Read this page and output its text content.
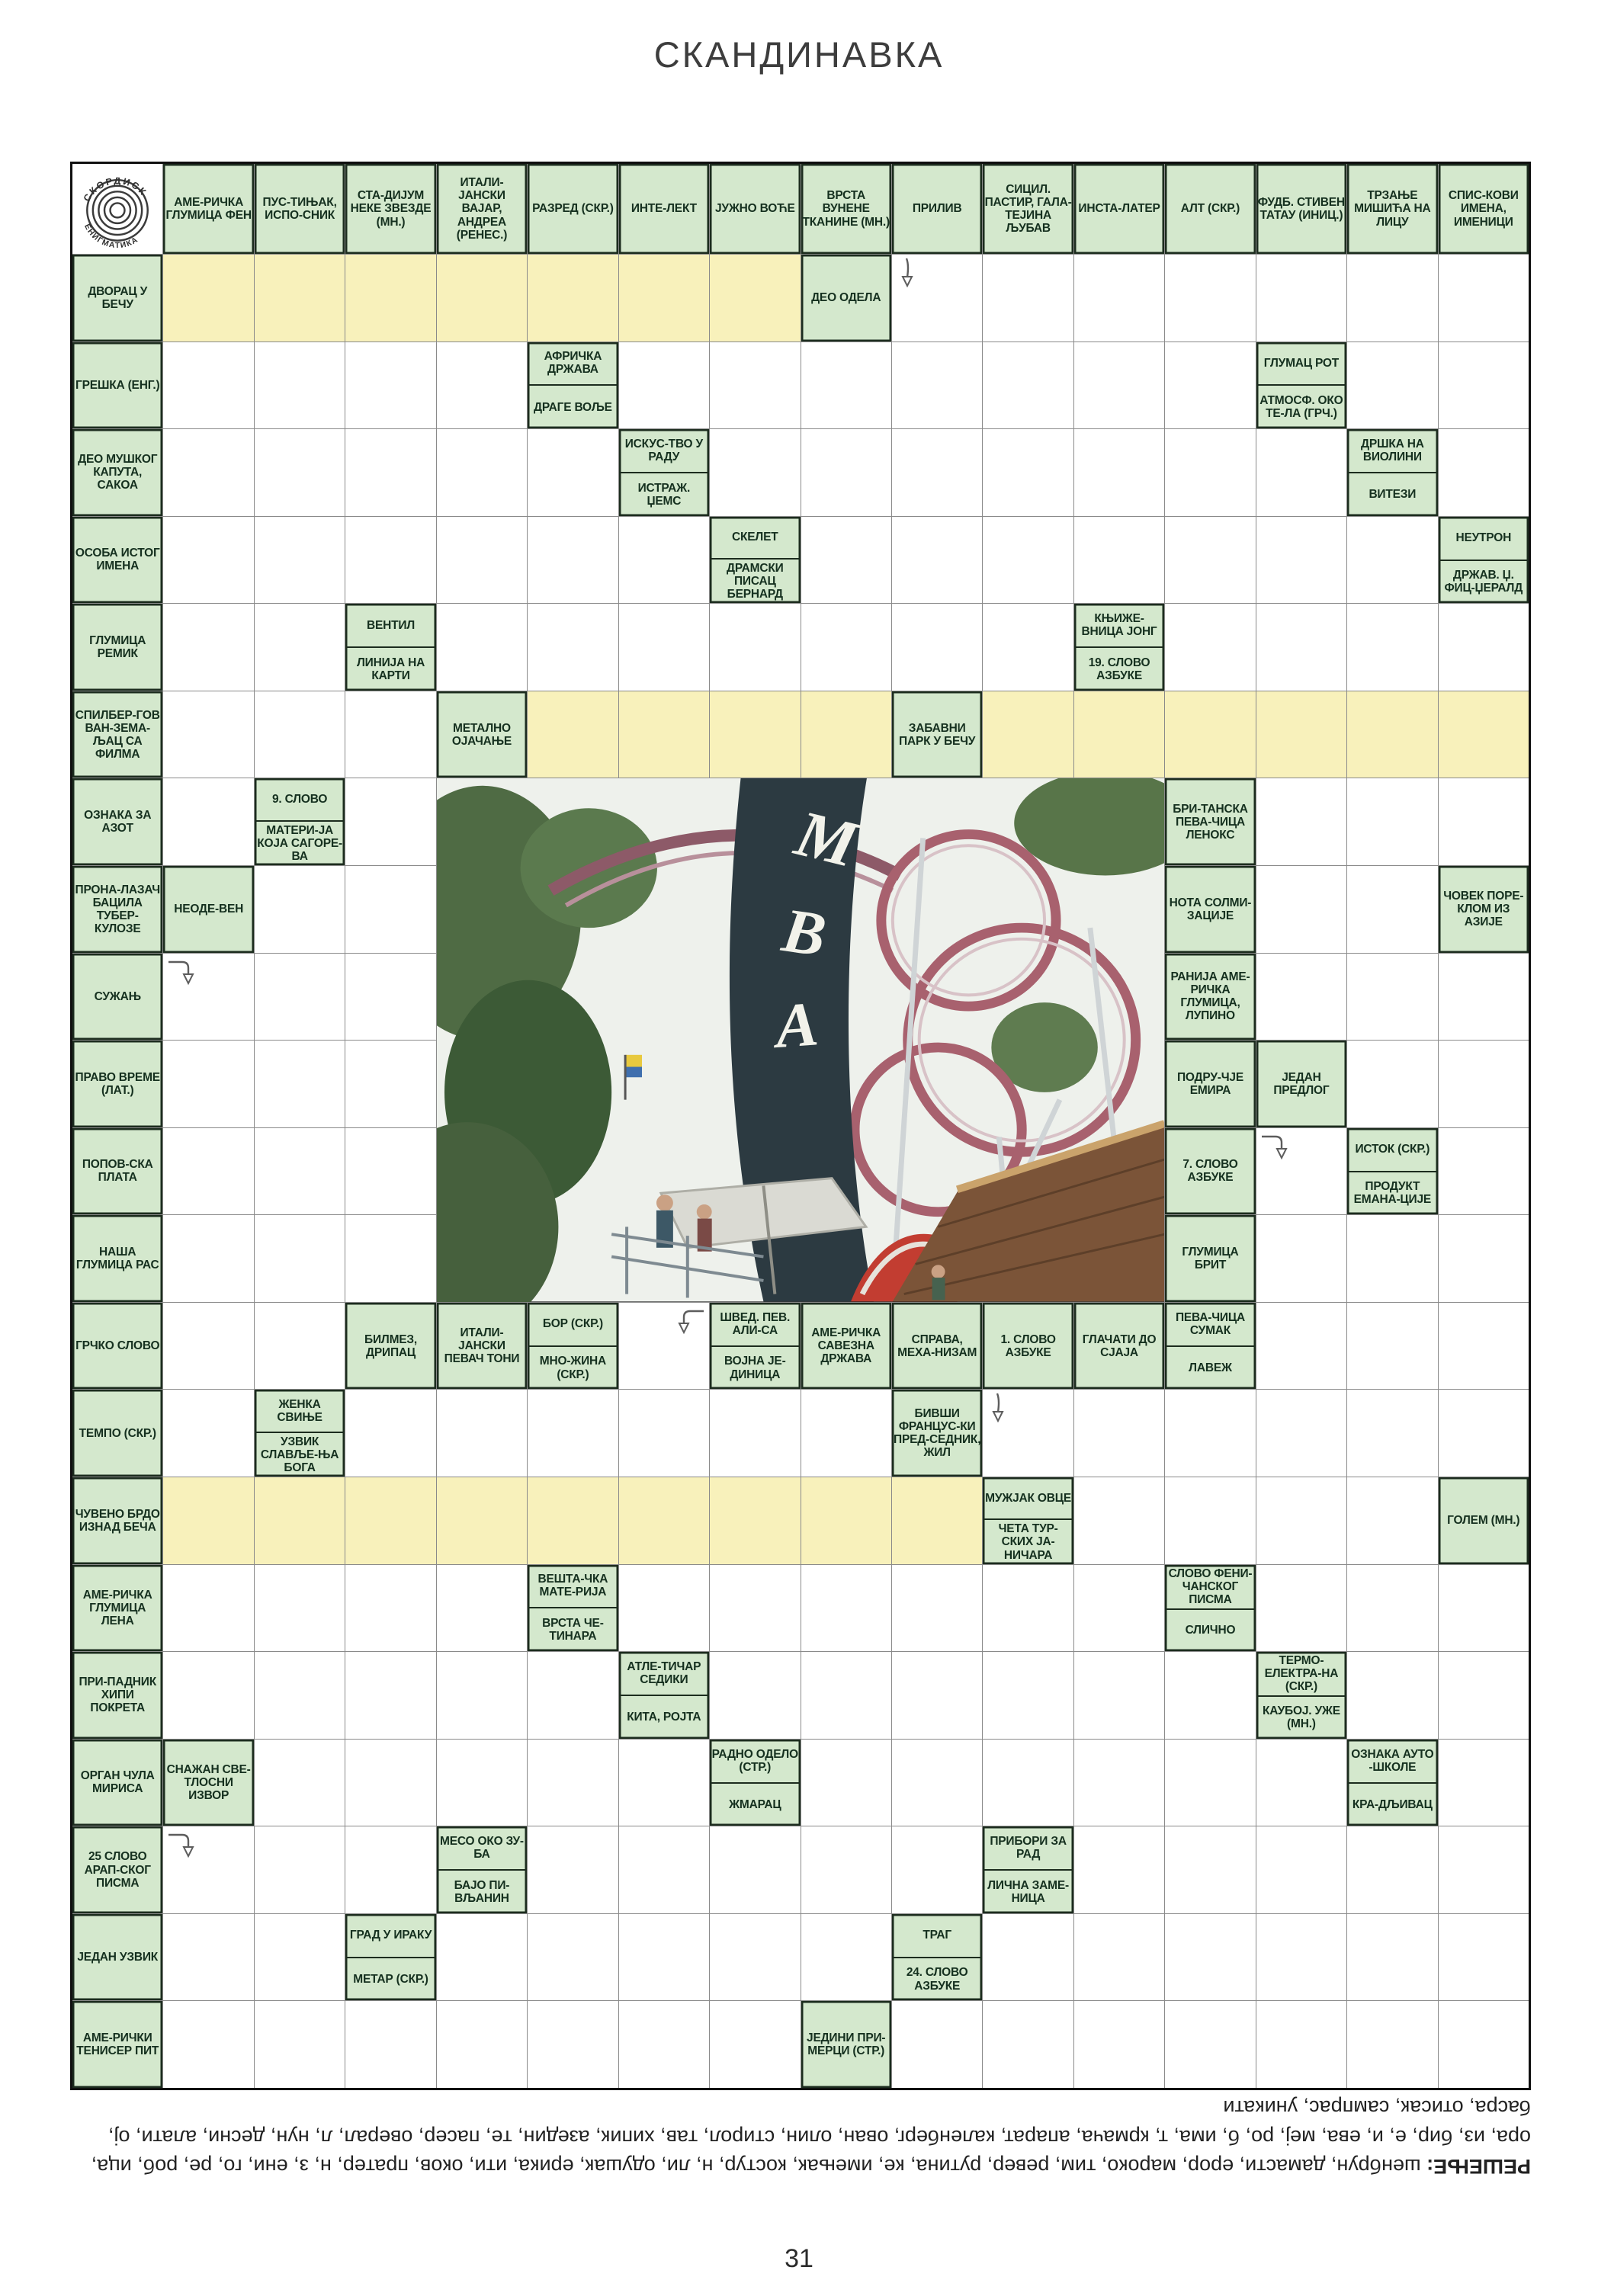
СКАНДИНАВКА
СКОРДИСК
ЕНИГМАТИКА
М
В
А
АМЕ-РИЧКА ГЛУМИЦА ФЕН
ПУС-ТИЊАК, ИСПО-СНИК
СТА-ДИЈУМ НЕКЕ ЗВЕЗДЕ (МН.)
ИТАЛИ-ЈАНСКИ ВАЈАР, АНДРЕА (РЕНЕС.)
РАЗРЕД (СКР.)	ИНТЕ-ЛЕКТ	ЈУЖНО ВОЋЕ
ВРСТА ВУНЕНЕ ТКАНИНЕ (МН.)
ПРИЛИВ
СИЦИЛ. ПАСТИР, ГАЛА-ТЕЈИНА ЉУБАВ
ИНСТА-ЛАТЕР	АЛТ (СКР.)
ФУДБ. СТИВЕН ТАТАУ (ИНИЦ.)
ТРЗАЊЕ МИШИЋА НА ЛИЦУ
СПИС-КОВИ ИМЕНА, ИМЕНИЦИ
ДВОРАЦ У БЕЧУ
ДЕО ОДЕЛА
ГРЕШКА (ЕНГ.)
АФРИЧКА ДРЖАВА
ДРАГЕ ВОЉЕ
ГЛУМАЦ РОТ
АТМОСФ. ОКО ТЕ-ЛА (ГРЧ.)
ДЕО МУШКОГ КАПУТА, САКОА
ИСКУС-ТВО У РАДУ
ИСТРАЖ. ЏЕМС
ДРШКА НА ВИОЛИНИ
ВИТЕЗИ
ОСОБА ИСТОГ ИМЕНА
СКЕЛЕТ
ДРАМСКИ ПИСАЦ БЕРНАРД
НЕУТРОН
ДРЖАВ. Џ. ФИЦ-ЏЕРАЛД
ГЛУМИЦА РЕМИК
ВЕНТИЛ
ЛИНИЈА НА КАРТИ
КЊИЖЕ-ВНИЦА ЈОНГ
19. СЛОВО АЗБУКЕ
СПИЛБЕР-ГОВ ВАН-ЗЕМА-ЉАЦ СА ФИЛМА
МЕТАЛНО ОЈАЧАЊЕ
ЗАБАВНИ ПАРК У БЕЧУ
ОЗНАКА ЗА АЗОТ
9. СЛОВО
МАТЕРИ-ЈА КОЈА САГОРЕ-ВА
БРИ-ТАНСКА ПЕВА-ЧИЦА ЛЕНОКС
ПРОНА-ЛАЗАЧ БАЦИЛА ТУБЕР-КУЛОЗЕ
НЕОДЕ-ВЕН
НОТА СОЛМИ-ЗАЦИЈЕ
ЧОВЕК ПОРЕ-КЛОМ ИЗ АЗИЈЕ
СУЖАЊ
РАНИЈА АМЕ-РИЧКА ГЛУМИЦА, ЛУПИНО
ПРАВО ВРЕМЕ (ЛАТ.)
ПОДРУ-ЧЈЕ ЕМИРА
ЈЕДАН ПРЕДЛОГ
ПОПОВ-СКА ПЛАТА
7. СЛОВО АЗБУКЕ
ИСТОК (СКР.)
ПРОДУКТ ЕМАНА-ЦИЈЕ
НАША ГЛУМИЦА РАС
ГЛУМИЦА БРИТ
ГРЧКО СЛОВО
БИЛМЕЗ, ДРИПАЦ
ИТАЛИ-ЈАНСКИ ПЕВАЧ ТОНИ
БОР (СКР.)
МНО-ЖИНА (СКР.)
ШВЕД. ПЕВ. АЛИ-СА
ВОЈНА ЈЕ-ДИНИЦА
АМЕ-РИЧКА САВЕЗНА ДРЖАВА
СПРАВА, МЕХА-НИЗАМ
1. СЛОВО АЗБУКЕ
ГЛАЧАТИ ДО СЈАЈА
ПЕВА-ЧИЦА СУМАК
ЛАВЕЖ
ТЕМПО (СКР.)
ЖЕНКА СВИЊЕ
УЗВИК СЛАВЉЕ-ЊА БОГА
БИВШИ ФРАНЦУС-КИ ПРЕД-СЕДНИК, ЖИЛ
ЧУВЕНО БРДО ИЗНАД БЕЧА
МУЖЈАК ОВЦЕ
ЧЕТА ТУР-СКИХ ЈА-НИЧАРА
ГОЛЕМ (МН.)
АМЕ-РИЧКА ГЛУМИЦА ЛЕНА
ВЕШТА-ЧКА МАТЕ-РИЈА
ВРСТА ЧЕ-ТИНАРА
СЛОВО ФЕНИ-ЧАНСКОГ ПИСМА
СЛИЧНО
ПРИ-ПАДНИК ХИПИ ПОКРЕТА
АТЛЕ-ТИЧАР СЕДИКИ
КИТА, РОЈТА
ТЕРМО-ЕЛЕКТРА-НА (СКР.)
КАУБОЈ. УЖЕ (МН.)
ОРГАН ЧУЛА МИРИСА
СНАЖАН СВЕ-ТЛОСНИ ИЗВОР
РАДНО ОДЕЛО (СТР.)
ЖМАРАЦ
ОЗНАКА АУТО -ШКОЛЕ
КРА-ДЉИВАЦ
25 СЛОВО АРАП-СКОГ ПИСМА
МЕСО ОКО ЗУ-БА
БАЈО ПИ-ВЉАНИН
ПРИБОРИ ЗА РАД
ЛИЧНА ЗАМЕ-НИЦА
ЈЕДАН УЗВИК
ГРАД У ИРАКУ
МЕТАР (СКР.)
ТРАГ
24. СЛОВО АЗБУКЕ
АМЕ-РИЧКИ ТЕНИСЕР ПИТ
ЈЕДИНИ ПРИ-МЕРЦИ (СТР.)
РЕШЕЊЕ: шенбрун, дамасти, ерор, мароко, тим, ревер, рутина, ке, имењак, костур, н, ли, одушак, ерика, ити, оков, пратер, н, з, ени, го, ре, роб, ица, ора, из, бир, е, и, ева, меј, ро, б, има, т, крмача, апарат, каленберг, ован, олин, стирол, тав, хипик, азедин, те, пасер, оверал, л, нун, десни, алати, ој, басра, отисак, сампрас, уникати
31
